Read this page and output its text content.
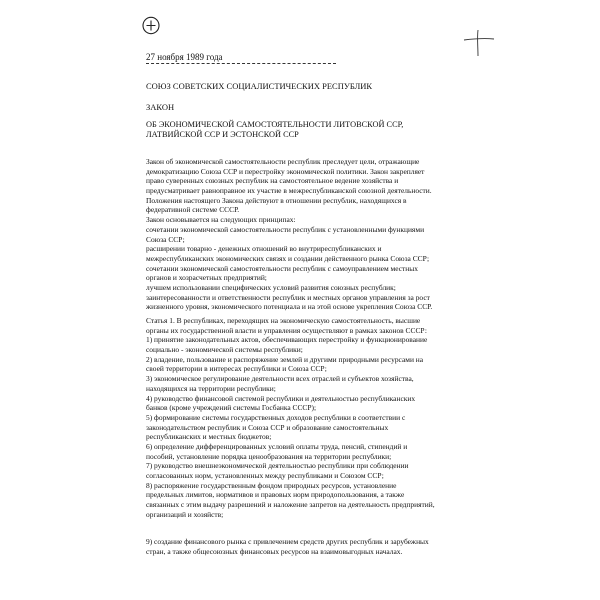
27 ноября 1989 года
СОЮЗ СОВЕТСКИХ СОЦИАЛИСТИЧЕСКИХ РЕСПУБЛИК
ЗАКОН
ОБ ЭКОНОМИЧЕСКОЙ САМОСТОЯТЕЛЬНОСТИ ЛИТОВСКОЙ ССР,
ЛАТВИЙСКОЙ ССР И ЭСТОНСКОЙ ССР
Закон об экономической самостоятельности республик преследует цели, отражающие
демократизацию Союза ССР и перестройку экономической политики. Закон закрепляет
право суверенных союзных республик на самостоятельное ведение хозяйства и
предусматривает равноправное их участие в межреспубликанской союзной деятельности.
Положения настоящего Закона действуют в отношении республик, находящихся в
федеративной системе СССР.
Закон основывается на следующих принципах:
сочетании экономической самостоятельности республик с установленными функциями
Союза ССР;
расширении товарно - денежных отношений во внутриреспубликанских и
межреспубликанских экономических связях и создании действенного рынка Союза ССР;
сочетании экономической самостоятельности республик с самоуправлением местных
органов и хозрасчетных предприятий;
лучшем использовании специфических условий развития союзных республик;
заинтересованности и ответственности республик и местных органов управления за рост
жизненного уровня, экономического потенциала и на этой основе укрепления Союза ССР.
Статья 1. В республиках, переходящих на экономическую самостоятельность, высшие
органы их государственной власти и управления осуществляют в рамках законов СССР:
1) принятие законодательных актов, обеспечивающих перестройку и функционирование
социально - экономической системы республики;
2) владение, пользование и распоряжение землей и другими природными ресурсами на
своей территории в интересах республики и Союза ССР;
3) экономическое регулирование деятельности всех отраслей и субъектов хозяйства,
находящихся на территории республики;
4) руководство финансовой системой республики и деятельностью республиканских
банков (кроме учреждений системы Госбанка СССР);
5) формирование системы государственных доходов республики в соответствии с
законодательством республик и Союза ССР и образование самостоятельных
республиканских и местных бюджетов;
6) определение дифференцированных условий оплаты труда, пенсий, стипендий и
пособий, установление порядка ценообразования на территории республики;
7) руководство внешнеэкономической деятельностью республики при соблюдении
согласованных норм, установленных между республиками и Союзом ССР;
8) распоряжение государственным фондом природных ресурсов, установление
предельных лимитов, нормативов и правовых норм природопользования, а также
связанных с этим выдачу разрешений и наложение запретов на деятельность предприятий,
организаций и хозяйств;
9) создание финансового рынка с привлечением средств других республик и зарубежных
стран, а также общесоюзных финансовых ресурсов на взаимовыгодных началах.
